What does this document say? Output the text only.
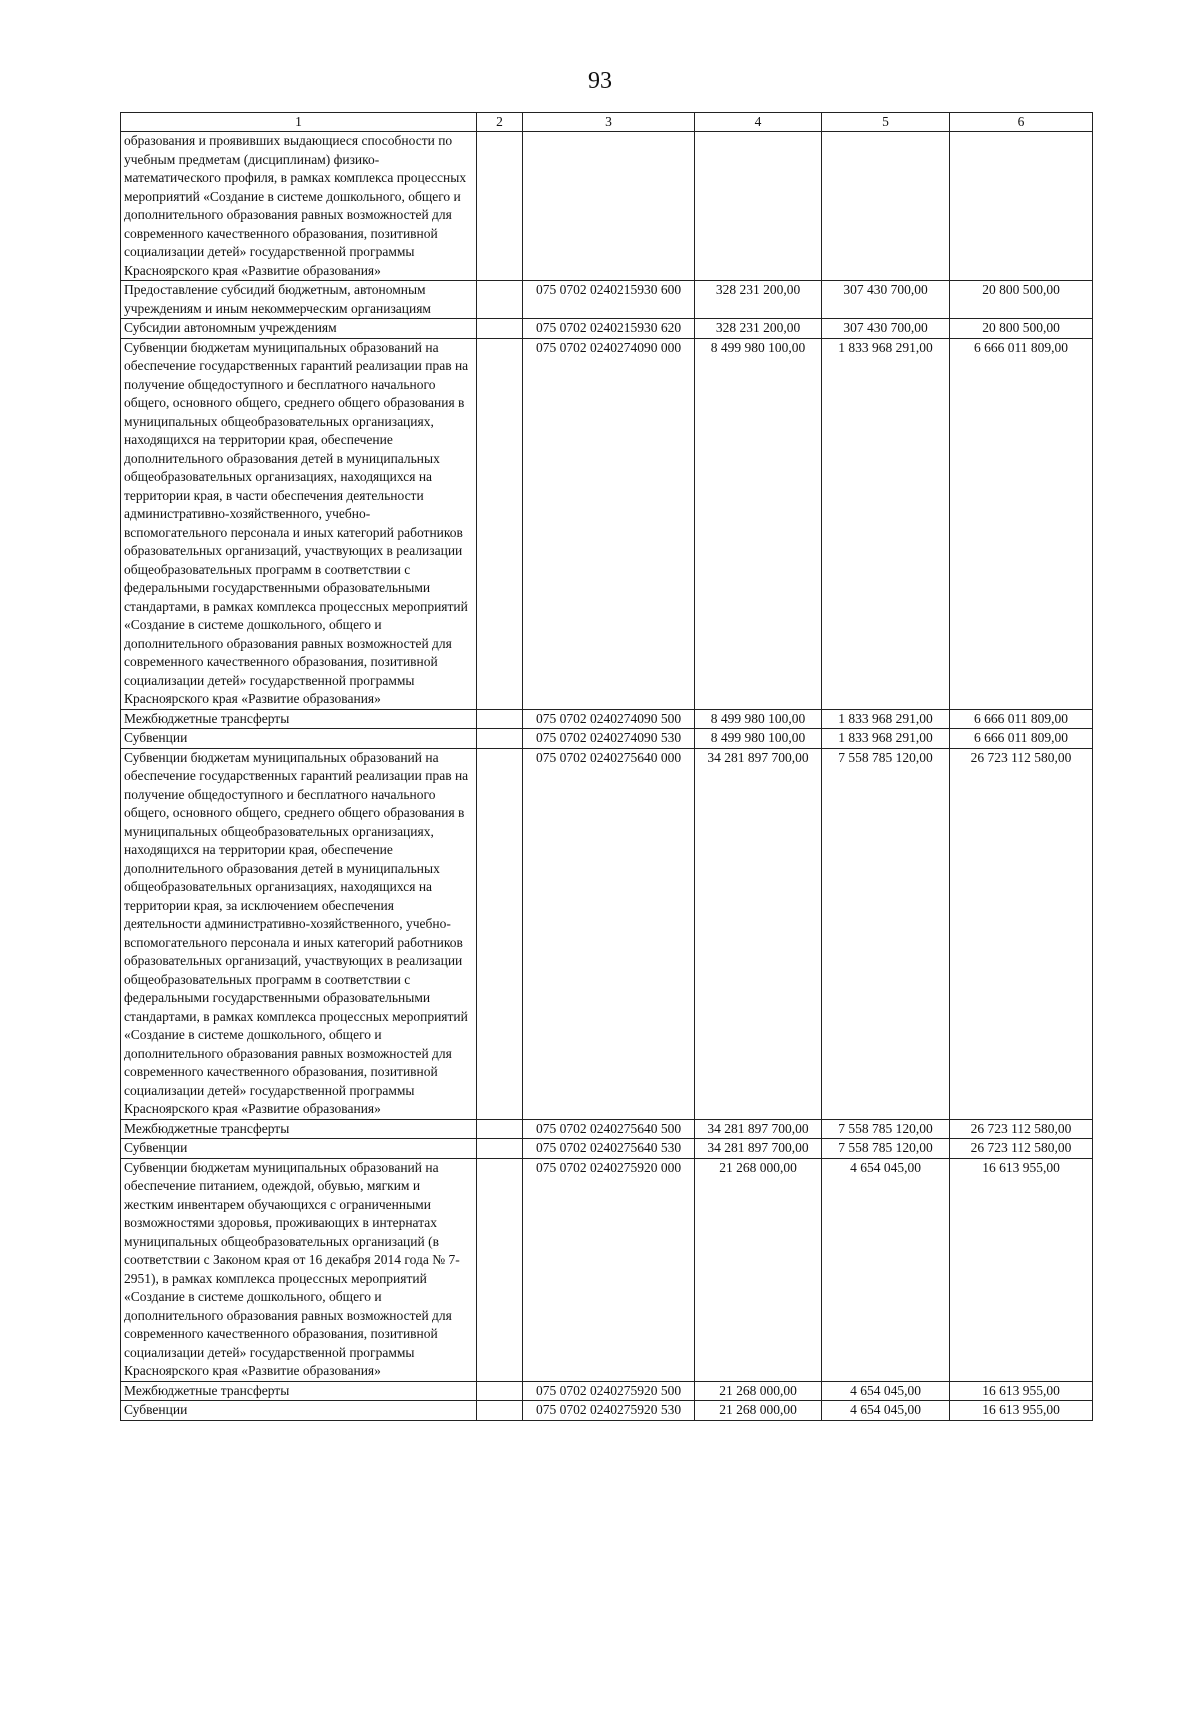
93
1	2	3	4	5	6
образования и проявивших выдающиеся способности по учебным предметам (дисциплинам) физико-математического профиля, в рамках комплекса процессных мероприятий «Создание в системе дошкольного, общего и дополнительного образования равных возможностей для современного качественного образования, позитивной социализации детей» государственной программы Красноярского края «Развитие образования»					
Предоставление субсидий бюджетным, автономным учреждениям и иным некоммерческим организациям		075 0702 0240215930 600	328 231 200,00	307 430 700,00	20 800 500,00
Субсидии автономным учреждениям		075 0702 0240215930 620	328 231 200,00	307 430 700,00	20 800 500,00
Субвенции бюджетам муниципальных образований на обеспечение государственных гарантий реализации прав на получение общедоступного и бесплатного начального общего, основного общего, среднего общего образования в муниципальных общеобразовательных организациях, находящихся на территории края, обеспечение дополнительного образования детей в муниципальных общеобразовательных организациях, находящихся на территории края, в части обеспечения деятельности административно-хозяйственного, учебно-вспомогательного персонала и иных категорий работников образовательных организаций, участвующих в реализации общеобразовательных программ в соответствии с федеральными государственными образовательными стандартами, в рамках комплекса процессных мероприятий «Создание в системе дошкольного, общего и дополнительного образования равных возможностей для современного качественного образования, позитивной социализации детей» государственной программы Красноярского края «Развитие образования»		075 0702 0240274090 000	8 499 980 100,00	1 833 968 291,00	6 666 011 809,00
Межбюджетные трансферты		075 0702 0240274090 500	8 499 980 100,00	1 833 968 291,00	6 666 011 809,00
Субвенции		075 0702 0240274090 530	8 499 980 100,00	1 833 968 291,00	6 666 011 809,00
Субвенции бюджетам муниципальных образований на обеспечение государственных гарантий реализации прав на получение общедоступного и бесплатного начального общего, основного общего, среднего общего образования в муниципальных общеобразовательных организациях, находящихся на территории края, обеспечение дополнительного образования детей в муниципальных общеобразовательных организациях, находящихся на территории края, за исключением обеспечения деятельности административно-хозяйственного, учебно-вспомогательного персонала и иных категорий работников образовательных организаций, участвующих в реализации общеобразовательных программ в соответствии с федеральными государственными образовательными стандартами, в рамках комплекса процессных мероприятий «Создание в системе дошкольного, общего и дополнительного образования равных возможностей для современного качественного образования, позитивной социализации детей» государственной программы Красноярского края «Развитие образования»		075 0702 0240275640 000	34 281 897 700,00	7 558 785 120,00	26 723 112 580,00
Межбюджетные трансферты		075 0702 0240275640 500	34 281 897 700,00	7 558 785 120,00	26 723 112 580,00
Субвенции		075 0702 0240275640 530	34 281 897 700,00	7 558 785 120,00	26 723 112 580,00
Субвенции бюджетам муниципальных образований на обеспечение питанием, одеждой, обувью, мягким и жестким инвентарем обучающихся с ограниченными возможностями здоровья, проживающих в интернатах муниципальных общеобразовательных организаций (в соответствии с Законом края от 16 декабря 2014 года № 7-2951), в рамках комплекса процессных мероприятий «Создание в системе дошкольного, общего и дополнительного образования равных возможностей для современного качественного образования, позитивной социализации детей» государственной программы Красноярского края «Развитие образования»		075 0702 0240275920 000	21 268 000,00	4 654 045,00	16 613 955,00
Межбюджетные трансферты		075 0702 0240275920 500	21 268 000,00	4 654 045,00	16 613 955,00
Субвенции		075 0702 0240275920 530	21 268 000,00	4 654 045,00	16 613 955,00
